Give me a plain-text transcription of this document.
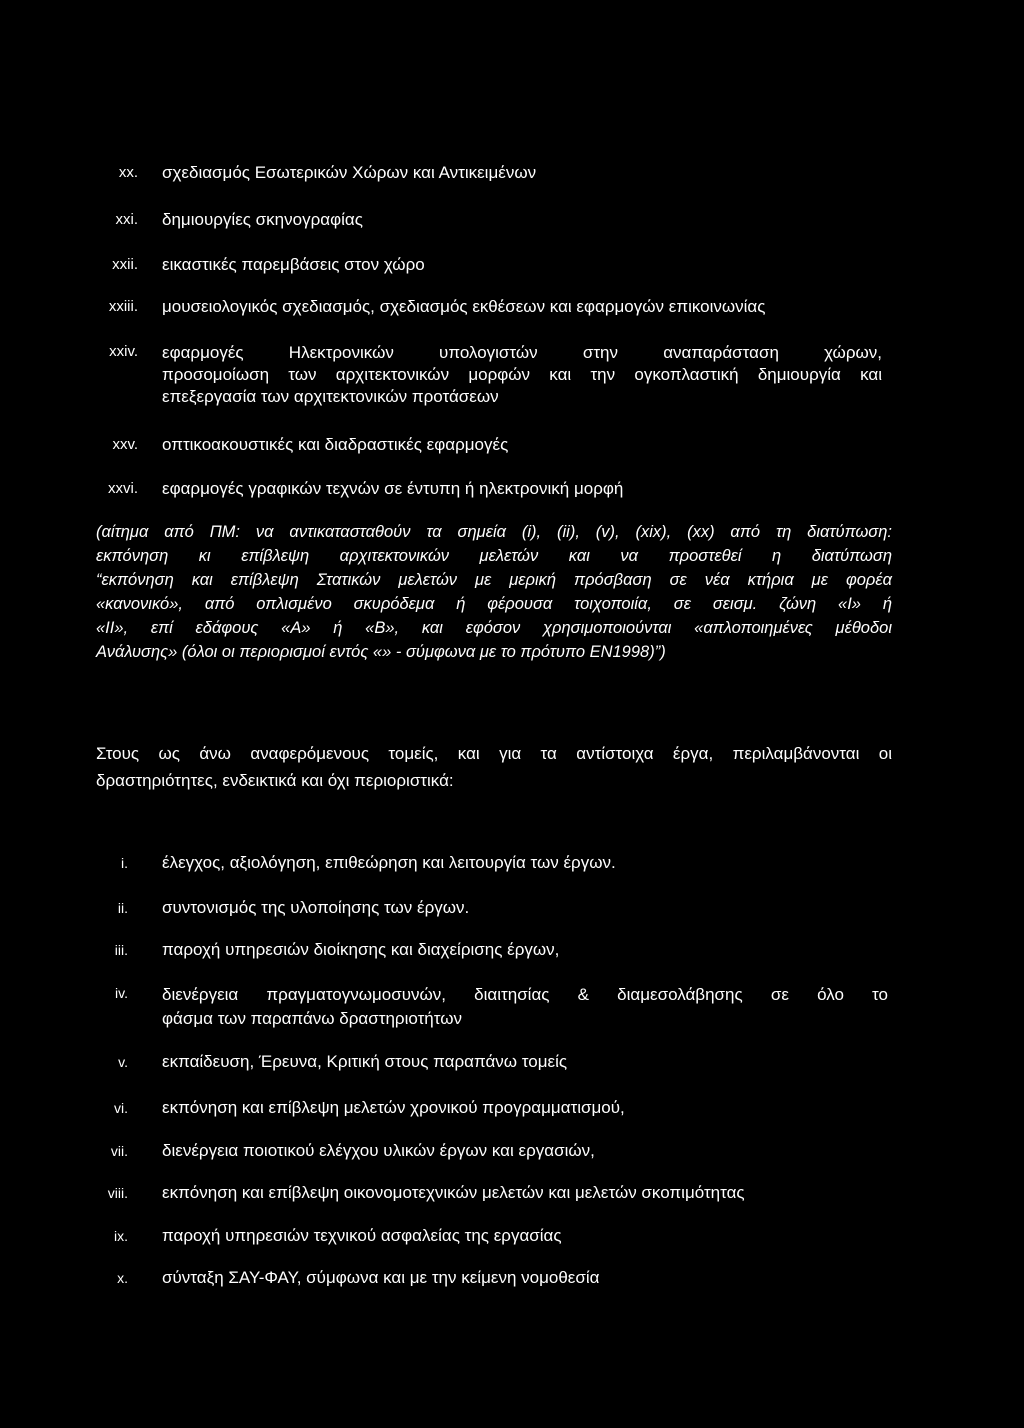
xx. σχεδιασμός Εσωτερικών Χώρων και Αντικειμένων
xxi. δημιουργίες σκηνογραφίας
xxii. εικαστικές παρεμβάσεις στον χώρο
xxiii. μουσειολογικός σχεδιασμός, σχεδιασμός εκθέσεων και εφαρμογών επικοινωνίας
xxiv. εφαρμογές Ηλεκτρονικών υπολογιστών στην αναπαράσταση χώρων,
προσομοίωση των αρχιτεκτονικών μορφών και την ογκοπλαστική δημιουργία και
επεξεργασία των αρχιτεκτονικών προτάσεων
xxv. οπτικοακουστικές και διαδραστικές εφαρμογές
xxvi. εφαρμογές γραφικών τεχνών σε έντυπη ή ηλεκτρονική μορφή
(αίτημα από ΠΜ: να αντικατασταθούν τα σημεία (i), (ii), (v), (xix), (xx) από τη διατύπωση:
εκπόνηση κι επίβλεψη αρχιτεκτονικών μελετών και να προστεθεί η διατύπωση
“εκπόνηση και επίβλεψη Στατικών μελετών με μερική πρόσβαση σε νέα κτήρια με φορέα
«κανονικό», από οπλισμένο σκυρόδεμα ή φέρουσα τοιχοποιία, σε σεισμ. ζώνη «Ι» ή
«ΙΙ», επί εδάφους «Α» ή «Β», και εφόσον χρησιμοποιούνται «απλοποιημένες μέθοδοι
Ανάλυσης» (όλοι οι περιορισμοί εντός «» - σύμφωνα με το πρότυπο ΕΝ1998)”)
Στους ως άνω αναφερόμενους τομείς, και για τα αντίστοιχα έργα, περιλαμβάνονται οι
δραστηριότητες, ενδεικτικά και όχι περιοριστικά:
i. έλεγχος, αξιολόγηση, επιθεώρηση και λειτουργία των έργων.
ii. συντονισμός της υλοποίησης των έργων.
iii. παροχή υπηρεσιών διοίκησης και διαχείρισης έργων,
iv. διενέργεια πραγματογνωμοσυνών, διαιτησίας & διαμεσολάβησης σε όλο το
φάσμα των παραπάνω δραστηριοτήτων
v. εκπαίδευση, Έρευνα, Κριτική στους παραπάνω τομείς
vi. εκπόνηση και επίβλεψη μελετών χρονικού προγραμματισμού,
vii. διενέργεια ποιοτικού ελέγχου υλικών έργων και εργασιών,
viii. εκπόνηση και επίβλεψη οικονομοτεχνικών μελετών και μελετών σκοπιμότητας
ix. παροχή υπηρεσιών τεχνικού ασφαλείας της εργασίας
x. σύνταξη ΣΑΥ-ΦΑΥ, σύμφωνα και με την κείμενη νομοθεσία
